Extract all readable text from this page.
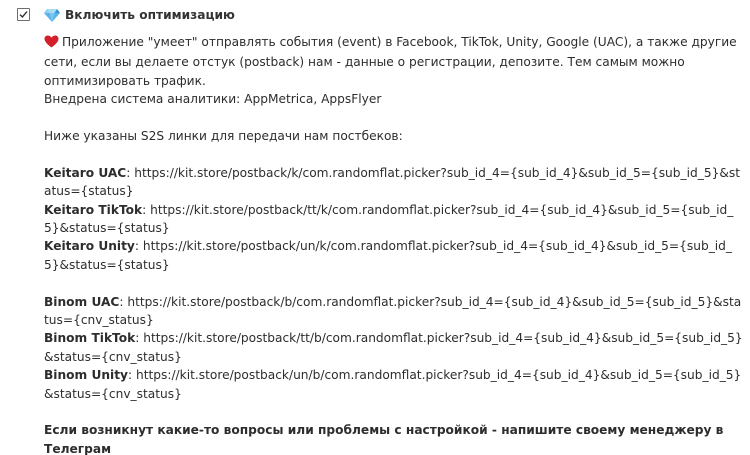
Включить оптимизацию

Приложение "умеет" отправлять события (event) в Facebook, TikTok, Unity, Google (UAC), а также другие сети, если вы делаете отстук (postback) нам - данные о регистрации, депозите. Тем самым можно оптимизировать трафик.

Внедрена система аналитики: AppMetrica, AppsFlyer

Ниже указаны S2S линки для передачи нам постбеков:

Keitaro UAC: https://kit.store/postback/k/com.randomflat.picker?sub_id_4={sub_id_4}&sub_id_5={sub_id_5}&status={status}

Keitaro TikTok: https://kit.store/postback/tt/k/com.randomflat.picker?sub_id_4={sub_id_4}&sub_id_5={sub_id_5}&status={status}

Keitaro Unity: https://kit.store/postback/un/k/com.randomflat.picker?sub_id_4={sub_id_4}&sub_id_5={sub_id_5}&status={status}

Binom UAC: https://kit.store/postback/b/com.randomflat.picker?sub_id_4={sub_id_4}&sub_id_5={sub_id_5}&status={cnv_status}

Binom TikTok: https://kit.store/postback/tt/b/com.randomflat.picker?sub_id_4={sub_id_4}&sub_id_5={sub_id_5}&status={cnv_status}

Binom Unity: https://kit.store/postback/un/b/com.randomflat.picker?sub_id_4={sub_id_4}&sub_id_5={sub_id_5}&status={cnv_status}

Если возникнут какие-то вопросы или проблемы с настройкой - напишите своему менеджеру в Телеграм
